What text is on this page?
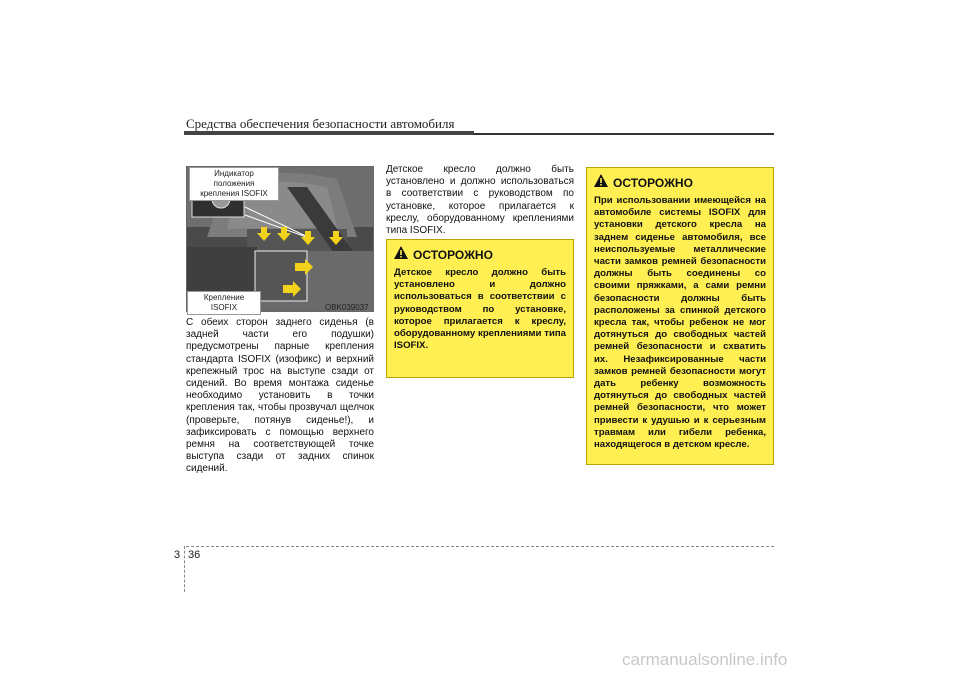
Средства обеспечения безопасности автомобиля
Индикатор положения крепления ISOFIX
Крепление ISOFIX	OBK039037
С обеих сторон заднего сиденья (в задней части его подушки) предусмотрены парные крепления стандарта ISOFIX (изофикс) и верхний крепежный трос на выступе сзади от сидений. Во время монтажа сиденье необходимо установить в точки крепления так, чтобы прозвучал щелчок (проверьте, потянув сиденье!), и зафиксировать с помощью верхнего ремня на соответствующей точке выступа сзади от задних спинок сидений.
Детское кресло должно быть установлено и должно использоваться в соответствии с руководством по установке, которое прилагается к креслу, оборудованному креплениями типа ISOFIX.
ОСТОРОЖНО
Детское кресло должно быть установлено и должно использоваться в соответствии с руководством по установке, которое прилагается к креслу, оборудованному креплениями типа ISOFIX.
ОСТОРОЖНО
При использовании имеющейся на автомобиле системы ISOFIX для установки детского кресла на заднем сиденье автомобиля, все неиспользуемые металлические части замков ремней безопасности должны быть соединены со своими пряжками, а сами ремни безопасности должны быть расположены за спинкой детского кресла так, чтобы ребенок не мог дотянуться до свободных частей ремней безопасности и схватить их. Незафиксированные части замков ремней безопасности могут дать ребенку возможность дотянуться до свободных частей ремней безопасности, что может привести к удушью и к серьезным травмам или гибели ребенка, находящегося в детском кресле.
3 36
carmanualsonline.info
